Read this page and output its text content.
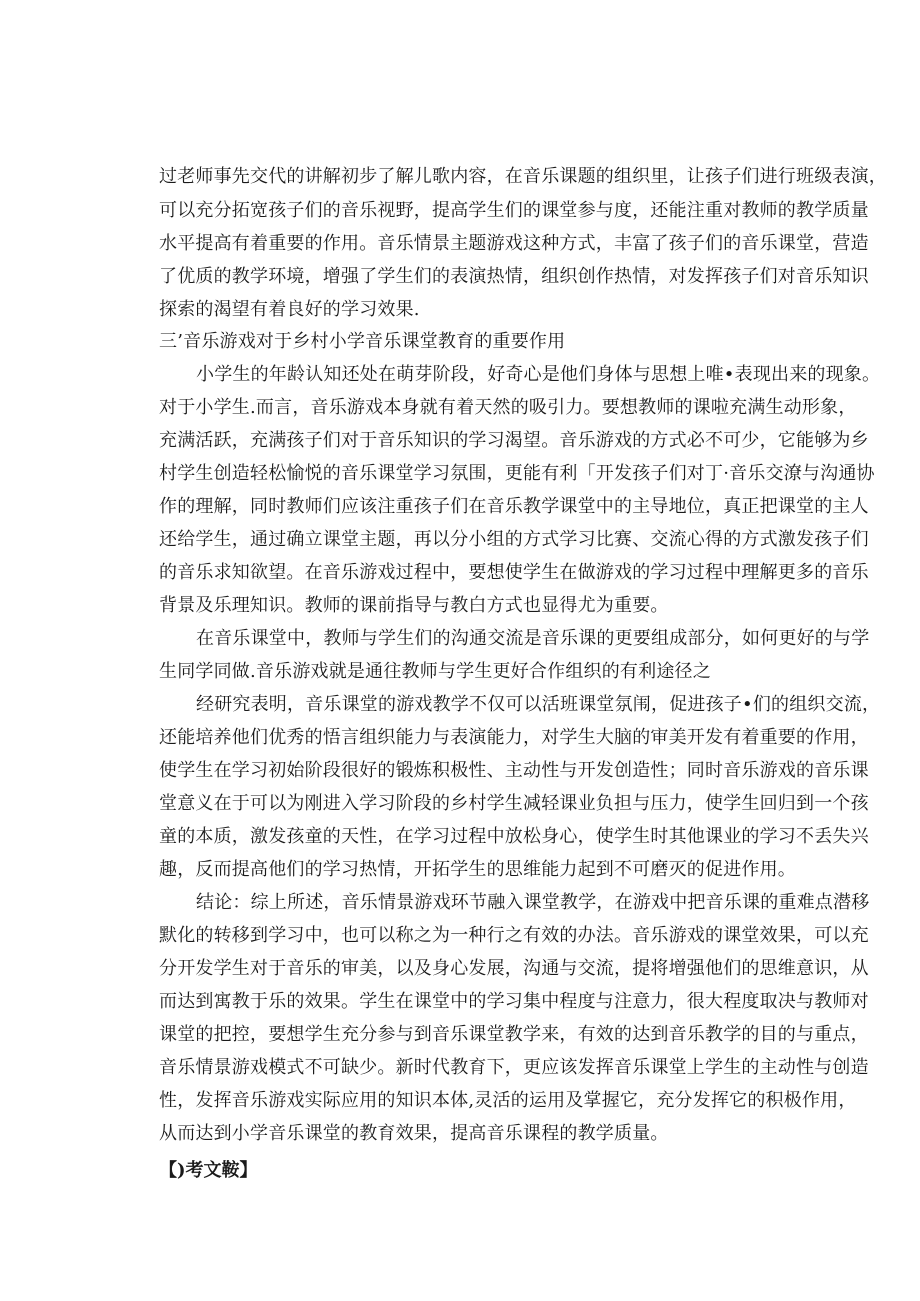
过老师事先交代的讲解初步了解儿歌内容，在音乐课题的组织里，让孩子们进行班级表演，
可以充分拓宽孩子们的音乐视野，提高学生们的课堂参与度，还能注重对教师的教学质量
水平提高有着重要的作用。音乐情景主题游戏这种方式，丰富了孩子们的音乐课堂，营造
了优质的教学环境，增强了学生们的表演热情，组织创作热情，对发挥孩子们对音乐知识
探索的渴望有着良好的学习效果.
三’音乐游戏对于乡村小学音乐课堂教育的重要作用
小学生的年龄认知还处在萌芽阶段，好奇心是他们身体与思想上唯•表现出来的现象。
对于小学生.而言，音乐游戏本身就有着天然的吸引力。要想教师的课啦充满生动形象，
充满活跃，充满孩子们对于音乐知识的学习渴望。音乐游戏的方式必不可少，它能够为乡
村学生创造轻松愉悦的音乐课堂学习氛围，更能有利「开发孩子们对丁·音乐交潦与沟通协
作的理解，同时教师们应该注重孩子们在音乐教学课堂中的主导地位，真正把课堂的主人
还给学生，通过确立课堂主题，再以分小组的方式学习比赛、交流心得的方式激发孩子们
的音乐求知欲望。在音乐游戏过程中，要想使学生在做游戏的学习过程中理解更多的音乐
背景及乐理知识。教师的课前指导与教白方式也显得尤为重要。
在音乐课堂中，教师与学生们的沟通交流是音乐课的更要组成部分，如何更好的与学
生同学同做.音乐游戏就是通往教师与学生更好合作组织的有利途径之
经研究表明，音乐课堂的游戏教学不仅可以活班课堂氛闱，促进孩子•们的组织交流，
还能培养他们优秀的悟言组织能力与表演能力，对学生大脑的审美开发有着重要的作用，
使学生在学习初始阶段很好的锻炼积极性、主动性与开发创造性；同时音乐游戏的音乐课
堂意义在于可以为刚进入学习阶段的乡村学生减轻课业负担与压力，使学生回归到一个孩
童的本质，激发孩童的天性，在学习过程中放松身心，使学生时其他课业的学习不丢失兴
趣，反而提高他们的学习热情，开拓学生的思维能力起到不可磨灭的促进作用。
结论：综上所述，音乐情景游戏环节融入课堂教学，在游戏中把音乐课的重难点潜移
默化的转移到学习中，也可以称之为一种行之有效的办法。音乐游戏的课堂效果，可以充
分开发学生对于音乐的审美，以及身心发展，沟通与交流，提将增强他们的思维意识，从
而达到寓教于乐的效果。学生在课堂中的学习集中程度与注意力，很大程度取决与教师对
课堂的把控，要想学生充分参与到音乐课堂教学来，有效的达到音乐教学的目的与重点，
音乐情景游戏模式不可缺少。新时代教育下，更应该发挥音乐课堂上学生的主动性与创造
性，发挥音乐游戏实际应用的知识本体,灵活的运用及掌握它，充分发挥它的积极作用，
从而达到小学音乐课堂的教育效果，提高音乐课程的教学质量。
【)考文鞍】
